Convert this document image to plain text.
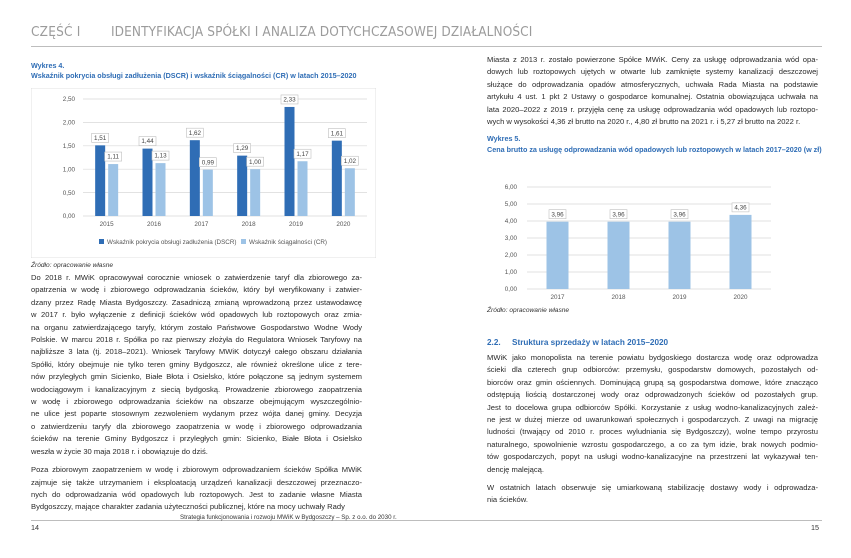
CZĘŚĆ I IDENTYFIKACJA SPÓŁKI I ANALIZA DOTYCHCZASOWEJ DZIAŁALNOŚCI
Wykres 4.
Wskaźnik pokrycia obsługi zadłużenia (DSCR) i wskaźnik ściągalności (CR) w latach 2015–2020
0,00
0,50
1,00
1,50
2,00
2,50
1,51
1,11
1,44
1,13
1,62
0,99
1,29
1,00
2,33
1,17
1,61
1,02
2015	2016	2017	2018	2019	2020
Wskaźnik pokrycia obsługi zadłużenia (DSCR) Wskaźnik ściągalności (CR)
Źródło: opracowanie własne

Do 2018 r. MWiK opracowywał corocznie wniosek o zatwierdzenie taryf dla zbiorowego za-
opatrzenia w wodę i zbiorowego odprowadzania ścieków, który był weryfikowany i zatwier-
dzany przez Radę Miasta Bydgoszczy. Zasadniczą zmianą wprowadzoną przez ustawodawcę
w 2017 r. było wyłączenie z definicji ścieków wód opadowych lub roztopowych oraz zmia-
na organu zatwierdzającego taryfy, którym zostało Państwowe Gospodarstwo Wodne Wody
Polskie. W marcu 2018 r. Spółka po raz pierwszy złożyła do Regulatora Wniosek Taryfowy na
najbliższe 3 lata (tj. 2018–2021). Wniosek Taryfowy MWiK dotyczył całego obszaru działania
Spółki, który obejmuje nie tylko teren gminy Bydgoszcz, ale również określone ulice z tere-
nów przyległych gmin Sicienko, Białe Błota i Osielsko, które połączone są jednym systemem
wodociągowym i kanalizacyjnym z siecią bydgoską. Prowadzenie zbiorowego zaopatrzenia
w wodę i zbiorowego odprowadzania ścieków na obszarze obejmującym wyszczególnio-
ne ulice jest poparte stosownym zezwoleniem wydanym przez wójta danej gminy. Decyzja
o zatwierdzeniu taryfy dla zbiorowego zaopatrzenia w wodę i zbiorowego odprowadzania
ścieków na terenie Gminy Bydgoszcz i przyległych gmin: Sicienko, Białe Błota i Osielsko
weszła w życie 30 maja 2018 r. i obowiązuje do dziś.

Poza zbiorowym zaopatrzeniem w wodę i zbiorowym odprowadzaniem ścieków Spółka MWiK
zajmuje się także utrzymaniem i eksploatacją urządzeń kanalizacji deszczowej przeznaczo-
nych do odprowadzania wód opadowych lub roztopowych. Jest to zadanie własne Miasta
Bydgoszczy, mające charakter zadania użyteczności publicznej, które na mocy uchwały Rady

Miasta z 2013 r. zostało powierzone Spółce MWiK. Ceny za usługę odprowadzania wód opa-
dowych lub roztopowych ujętych w otwarte lub zamknięte systemy kanalizacji deszczowej
służące do odprowadzania opadów atmosferycznych, uchwała Rada Miasta na podstawie
artykułu 4 ust. 1 pkt 2 Ustawy o gospodarce komunalnej. Ostatnia obowiązująca uchwała na
lata 2020–2022 z 2019 r. przyjęła cenę za usługę odprowadzania wód opadowych lub roztopo-
wych w wysokości 4,36 zł brutto na 2020 r., 4,80 zł brutto na 2021 r. i 5,27 zł brutto na 2022 r.

Wykres 5.
Cena brutto za usługę odprowadzania wód opadowych lub roztopowych w latach 2017–2020 (w zł)
0,00
1,00
2,00
3,00
4,00
5,00
6,00
3,96	3,96	3,96
4,36
2017	2018	2019	2020
Źródło: opracowanie własne
2.2. Struktura sprzedaży w latach 2015–2020

MWiK jako monopolista na terenie powiatu bydgoskiego dostarcza wodę oraz odprowadza
ścieki dla czterech grup odbiorców: przemysłu, gospodarstw domowych, pozostałych od-
biorców oraz gmin ościennych. Dominującą grupą są gospodarstwa domowe, które znacząco
odstępują liością dostarczonej wody oraz odprowadzonych ścieków od pozostałych grup.
Jest to docelowa grupa odbiorców Spółki. Korzystanie z usług wodno-kanalizacyjnych zależ-
ne jest w dużej mierze od uwarunkowań społecznych i gospodarczych. Z uwagi na migrację
ludności (trwający od 2010 r. proces wyludniania się Bydgoszczy), wolne tempo przyrostu
naturalnego, spowolnienie wzrostu gospodarczego, a co za tym idzie, brak nowych podmio-
tów gospodarczych, popyt na usługi wodno-kanalizacyjne na przestrzeni lat wykazywał ten-
dencję malejącą.

W ostatnich latach obserwuje się umiarkowaną stabilizację dostawy wody i odprowadza-
nia ścieków.

14
Strategia funkcjonowania i rozwoju MWiK w Bydgoszczy – Sp. z o.o. do 2030 r.
15
